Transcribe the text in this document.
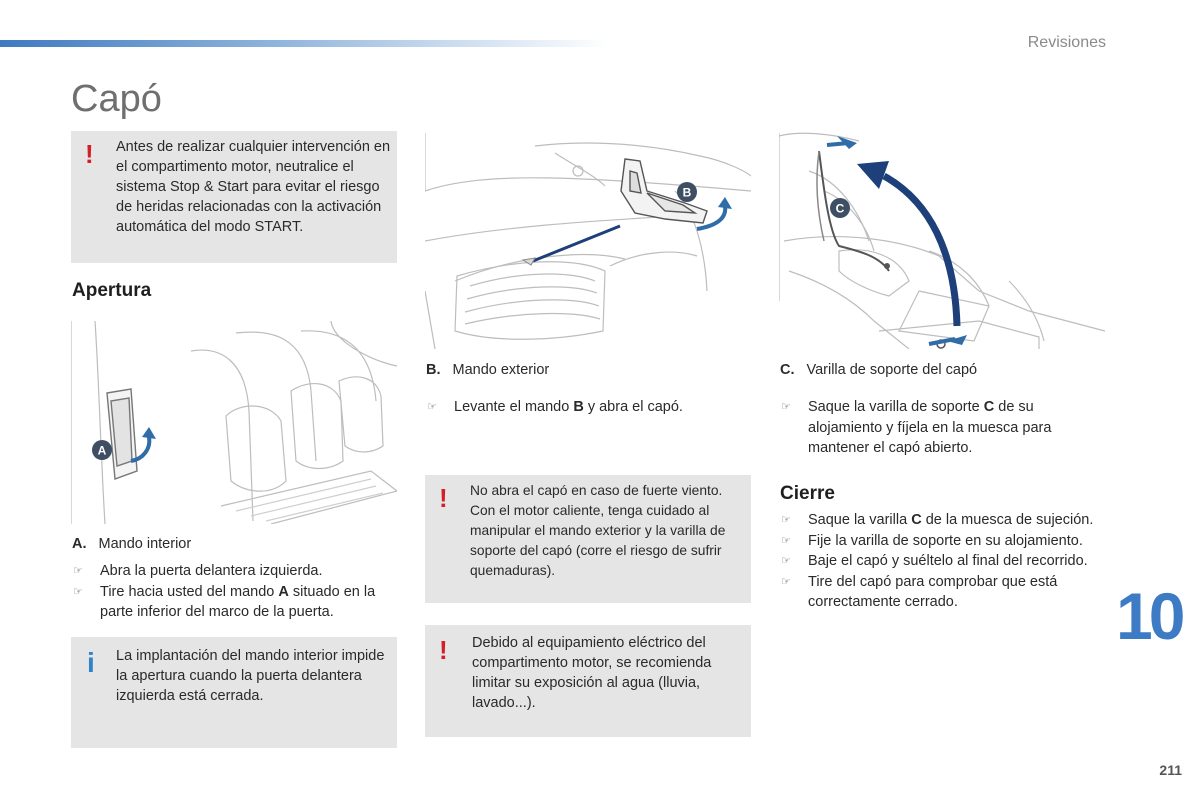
Revisiones
Capó
! Antes de realizar cualquier intervención en el compartimento motor, neutralice el sistema Stop & Start para evitar el riesgo de heridas relacionadas con la activación automática del modo START.
Apertura
A

A. Mando interior

☞ Abra la puerta delantera izquierda.
☞ Tire hacia usted del mando A situado en la parte inferior del marco de la puerta.
i La implantación del mando interior impide la apertura cuando la puerta delantera izquierda está cerrada.
B

B. Mando exterior

☞ Levante el mando B y abra el capó.
! No abra el capó en caso de fuerte viento. Con el motor caliente, tenga cuidado al manipular el mando exterior y la varilla de soporte del capó (corre el riesgo de sufrir quemaduras).
! Debido al equipamiento eléctrico del compartimento motor, se recomienda limitar su exposición al agua (lluvia, lavado...).
C

C. Varilla de soporte del capó

☞ Saque la varilla de soporte C de su alojamiento y fíjela en la muesca para mantener el capó abierto.
Cierre
☞ Saque la varilla C de la muesca de sujeción.
☞ Fije la varilla de soporte en su alojamiento.
☞ Baje el capó y suéltelo al final del recorrido.
☞ Tire del capó para comprobar que está correctamente cerrado.	10
211
